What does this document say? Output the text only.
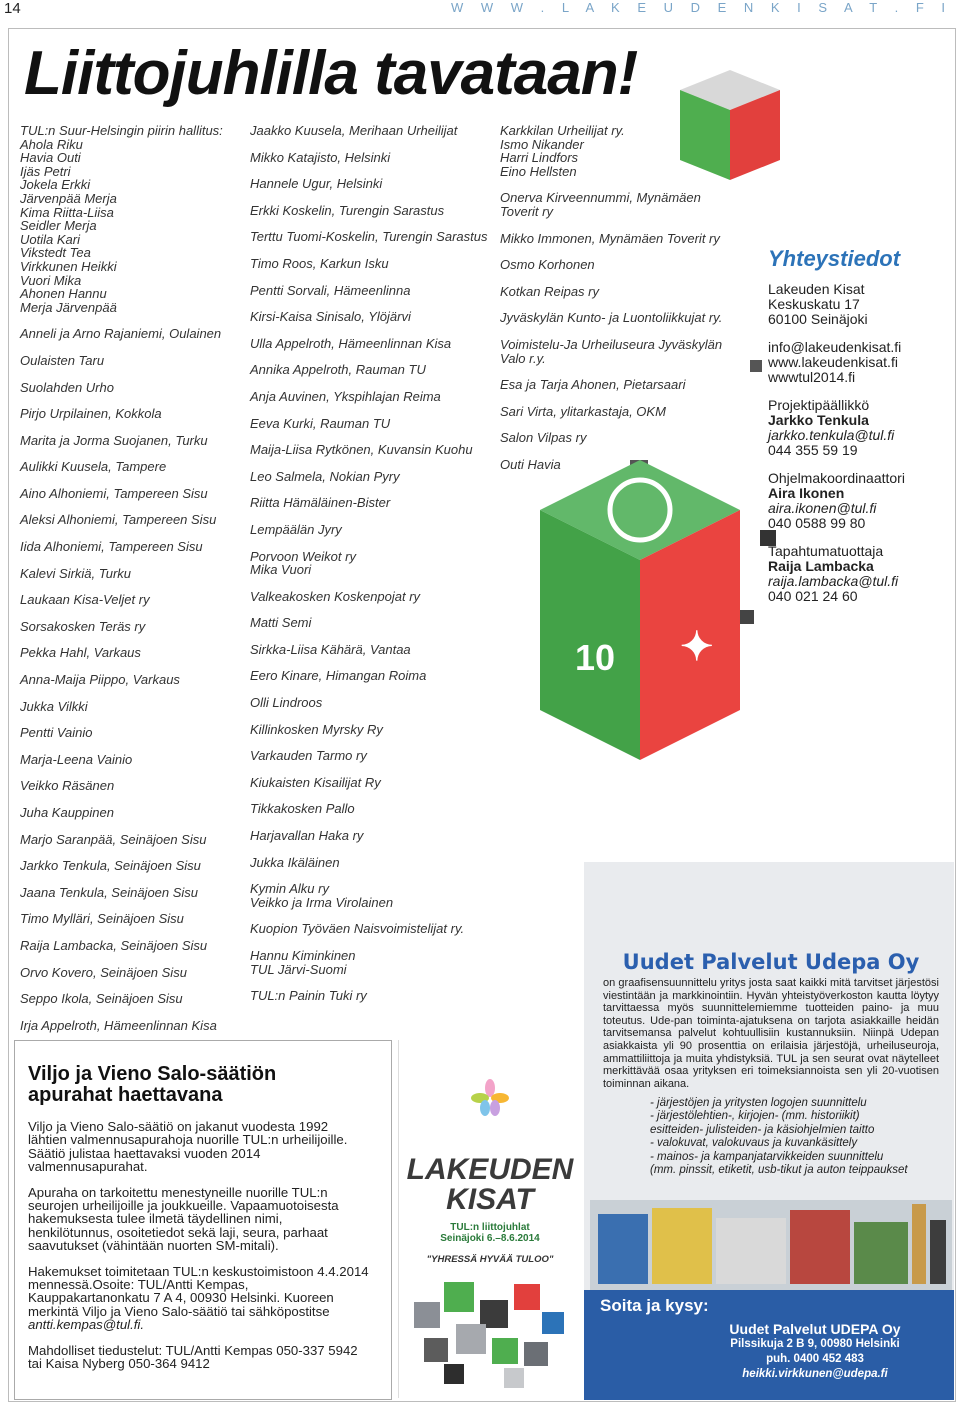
14	W W W . L A K E U D E N K I S A T . F I
Liittojuhlilla tavataan!
TUL:n Suur-Helsingin piirin hallitus:
Ahola Riku
Havia Outi
Ijäs Petri
Jokela Erkki
Järvenpää Merja
Kima Riitta-Liisa
Seidler Merja
Uotila Kari
Vikstedt Tea
Virkkunen Heikki
Vuori Mika
Ahonen Hannu
Merja Järvenpää
Anneli ja Arno Rajaniemi, Oulainen
Oulaisten Taru
Suolahden Urho
Pirjo Urpilainen, Kokkola
Marita ja Jorma Suojanen, Turku
Aulikki Kuusela, Tampere
Aino Alhoniemi, Tampereen Sisu
Aleksi Alhoniemi, Tampereen Sisu
Iida Alhoniemi, Tampereen Sisu
Kalevi Sirkiä, Turku
Laukaan Kisa-Veljet ry
Sorsakosken Teräs ry
Pekka Hahl, Varkaus
Anna-Maija Piippo, Varkaus
Jukka Vilkki
Pentti Vainio
Marja-Leena Vainio
Veikko Räsänen
Juha Kauppinen
Marjo Saranpää, Seinäjoen Sisu
Jarkko Tenkula, Seinäjoen Sisu
Jaana Tenkula, Seinäjoen Sisu
Timo Mylläri, Seinäjoen Sisu
Raija Lambacka, Seinäjoen Sisu
Orvo Kovero, Seinäjoen Sisu
Seppo Ikola, Seinäjoen Sisu
Irja Appelroth, Hämeenlinnan Kisa
Jaakko Kuusela, Merihaan Urheilijat
Mikko Katajisto, Helsinki
Hannele Ugur, Helsinki
Erkki Koskelin, Turengin Sarastus
Terttu Tuomi-Koskelin, Turengin Sarastus
Timo Roos, Karkun Isku
Pentti Sorvali, Hämeenlinna
Kirsi-Kaisa Sinisalo, Ylöjärvi
Ulla Appelroth, Hämeenlinnan Kisa
Annika Appelroth, Rauman TU
Anja Auvinen, Ykspihlajan Reima
Eeva Kurki, Rauman TU
Maija-Liisa Rytkönen, Kuvansin Kuohu
Leo Salmela, Nokian Pyry
Riitta Hämäläinen-Bister
Lempäälän Jyry
Porvoon Weikot ry
Mika Vuori
Valkeakosken Koskenpojat ry
Matti Semi
Sirkka-Liisa Kähärä, Vantaa
Eero Kinare, Himangan Roima
Olli Lindroos
Killinkosken Myrsky Ry
Varkauden Tarmo ry
Kiukaisten Kisailijat Ry
Tikkakosken Pallo
Harjavallan Haka ry
Jukka Ikäläinen
Kymin Alku ry
Veikko ja Irma Virolainen
Kuopion Työväen Naisvoimistelijat ry.
Hannu Kiminkinen
TUL Järvi-Suomi
TUL:n Painin Tuki ry
Karkkilan Urheilijat ry.
Ismo Nikander
Harri Lindfors
Eino Hellsten
Onerva Kirveennummi, Mynämäen
Toverit ry
Mikko Immonen, Mynämäen Toverit ry
Osmo Korhonen
Kotkan Reipas ry
Jyväskylän Kunto- ja Luontoliikkujat ry.
Voimistelu-Ja Urheiluseura Jyväskylän
Valo r.y.
Esa ja Tarja Ahonen, Pietarsaari
Sari Virta, ylitarkastaja, OKM
Salon Vilpas ry
Outi Havia
✦
10
Yhteystiedot
Lakeuden Kisat
Keskuskatu 17
60100 Seinäjoki
info@lakeudenkisat.fi
www.lakeudenkisat.fi
wwwtul2014.fi
Projektipäällikkö
Jarkko Tenkula
jarkko.tenkula@tul.fi
044 355 59 19
Ohjelmakoordinaattori
Aira Ikonen
aira.ikonen@tul.fi
040 0588 99 80
Tapahtumatuottaja
Raija Lambacka
raija.lambacka@tul.fi
040 021 24 60
Viljo ja Vieno Salo-säätiön
apurahat haettavana

Viljo ja Vieno Salo-säätiö on jakanut vuodesta 1992 lähtien valmennusapurahoja nuorille TUL:n urheilijoille. Säätiö julistaa haettavaksi vuoden 2014 valmennusapurahat.

Apuraha on tarkoitettu menestyneille nuorille TUL:n seurojen urheilijoille ja joukkueille. Vapaamuotoisesta hakemuksesta tulee ilmetä täydellinen nimi, henkilötunnus, osoitetiedot sekä laji, seura, parhaat saavutukset (vähintään nuorten SM-mitali).

Hakemukset toimitetaan TUL:n keskustoimistoon 4.4.2014 mennessä.Osoite: TUL/Antti Kempas, Kauppakartanonkatu 7 A 4, 00930 Helsinki. Kuoreen merkintä Viljo ja Vieno Salo-säätiö tai sähköpostitse antti.kempas@tul.fi.

Mahdolliset tiedustelut: TUL/Antti Kempas 050-337 5942 tai Kaisa Nyberg 050-364 9412

LAKEUDEN
KISAT
TUL:n liittojuhlat
Seinäjoki 6.–8.6.2014
"YHRESSÄ HYVÄÄ TULOO"
Uudet Palvelut Udepa Oy
on graafisensuunnittelu yritys josta saat kaikki mitä tarvitset järjestösi viestintään ja markkinointiin. Hyvän yhteistyöverkoston kautta löytyy tarvittaessa myös suunnittelemiemme tuotteiden paino- ja muu toteutus. Ude-pan toiminta-ajatuksena on tarjota asiakkaille heidän tarvitsemansa palvelut kohtuullisiin kustannuksiin. Niinpä Udepan asiakkaista yli 90 prosenttia on erilaisia järjestöjä, urheiluseuroja, ammattiliittoja ja muita yhdistyksiä. TUL ja sen seurat ovat näytelleet merkittävää osaa yrityksen eri toimeksiannoista sen yli 20-vuotisen toiminnan aikana.
- järjestöjen ja yritysten logojen suunnittelu
- järjestölehtien-, kirjojen- (mm. historiikit)
esitteiden- julisteiden- ja käsiohjelmien taitto
- valokuvat, valokuvaus ja kuvankäsittely
- mainos- ja kampanjatarvikkeiden suunnittelu
(mm. pinssit, etiketit, usb-tikut ja auton teippaukset
Soita ja kysy:
Uudet Palvelut UDEPA Oy
Pilssikuja 2 B 9, 00980 Helsinki
puh. 0400 452 483
heikki.virkkunen@udepa.fi
